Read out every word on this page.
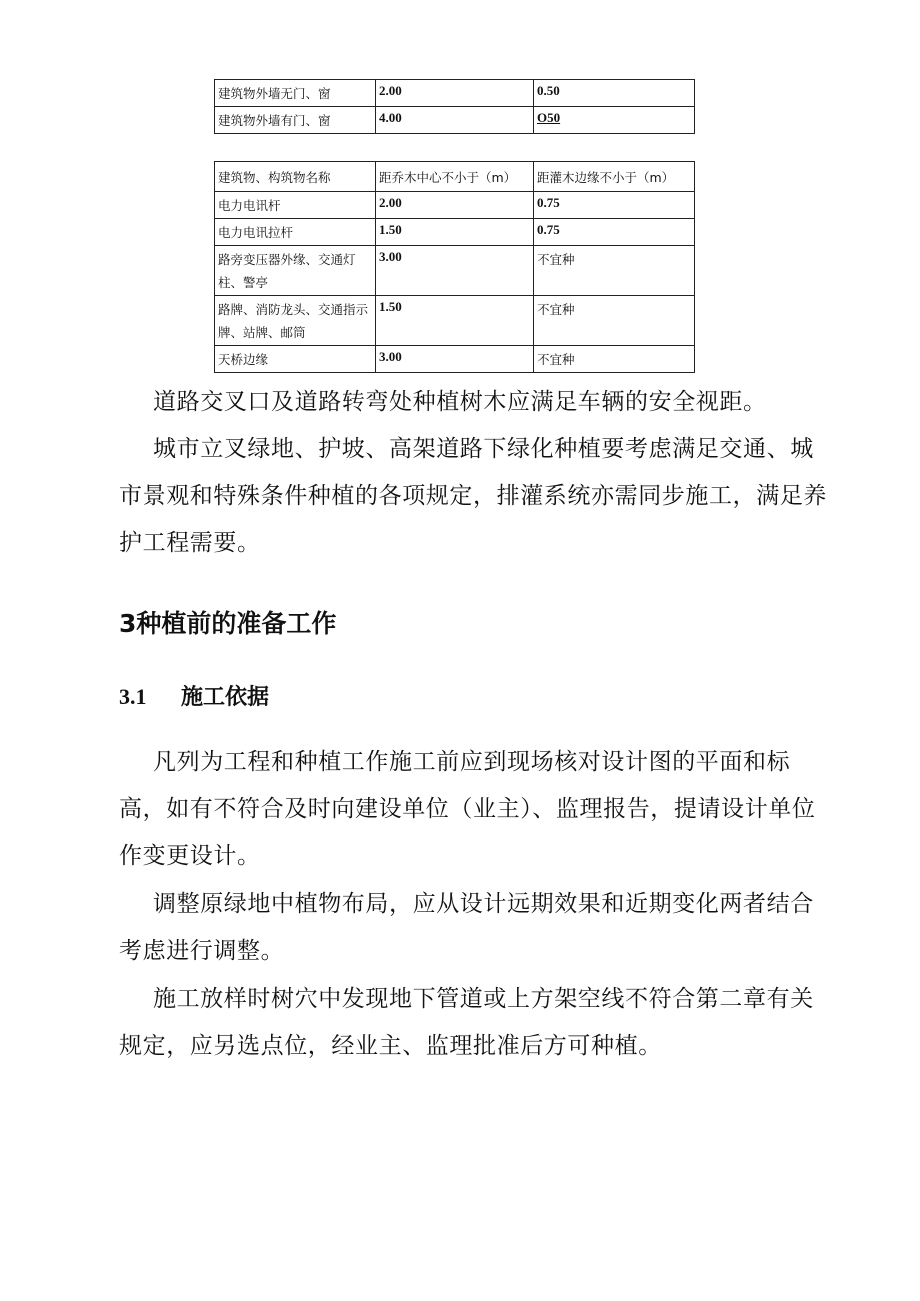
建筑物外墙无门、窗	2.00	0.50
建筑物外墙有门、窗	4.00	O50
建筑物、构筑物名称	距乔木中心不小于（m）	距灌木边缘不小于（m）
电力电讯杆	2.00	0.75
电力电讯拉杆	1.50	0.75
路旁变压器外缘、交通灯柱、警亭	3.00	不宜种
路牌、消防龙头、交通指示牌、站牌、邮筒	1.50	不宜种
天桥边缘	3.00	不宜种

道路交叉口及道路转弯处种植树木应满足车辆的安全视距。

城市立叉绿地、护坡、高架道路下绿化种植要考虑满足交通、城市景观和特殊条件种植的各项规定，排灌系统亦需同步施工，满足养护工程需要。

3种植前的准备工作
3.1 施工依据

凡列为工程和种植工作施工前应到现场核对设计图的平面和标高，如有不符合及时向建设单位（业主）、监理报告，提请设计单位作变更设计。

调整原绿地中植物布局，应从设计远期效果和近期变化两者结合考虑进行调整。

施工放样时树穴中发现地下管道或上方架空线不符合第二章有关规定，应另选点位，经业主、监理批准后方可种植。
